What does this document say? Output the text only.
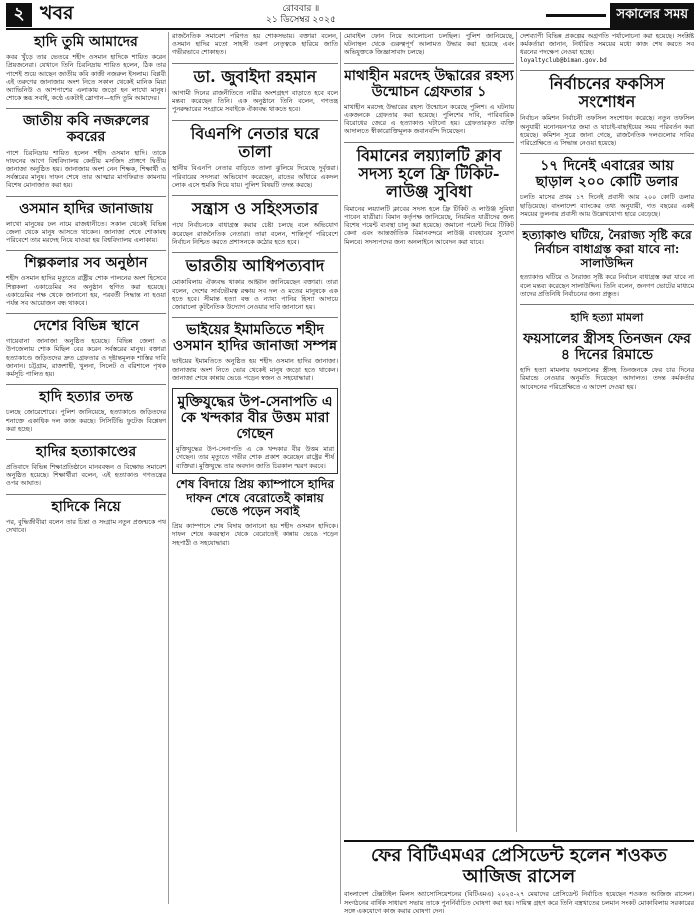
২ খবর	রোববার ॥
২১ ডিসেম্বর ২০২৫	সকালের সময়
হাদি তুমি আমাদের
কবর খুঁড়ে তার ভেতরে শহীদ ওসমান হাদিকে শায়িত করেন প্রিয়জনেরা। যেখানে তিনি চিরনিদ্রায় শায়িত হলেন, ঠিক তার পাশেই শুয়ে আছেন জাতীয় কবি কাজী নজরুল ইসলাম। বিপ্লবী এই তরুণের জানাজায় অংশ নিতে সকাল থেকেই মানিক মিয়া অ্যাভিনিউ ও আশপাশের এলাকায় জড়ো হন লাখো মানুষ। শোকে স্তব্ধ সবাই, কণ্ঠে একটাই স্লোগান—হাদি তুমি আমাদের।
জাতীয় কবি নজরুলের কবরের
পাশে চিরনিদ্রায় শায়িত হলেন শহীদ ওসমান হাদি। তাকে দাফনের আগে বিশ্ববিদ্যালয় কেন্দ্রীয় মসজিদ প্রাঙ্গণে দ্বিতীয় জানাজা অনুষ্ঠিত হয়। জানাজায় অংশ নেন শিক্ষক, শিক্ষার্থী ও সর্বস্তরের মানুষ। দাফন শেষে তার আত্মার মাগফিরাত কামনায় বিশেষ মোনাজাত করা হয়।
ওসমান হাদির জানাজায়
লাখো মানুষের ঢল নামে রাজধানীতে। সকাল থেকেই বিভিন্ন জেলা থেকে মানুষ আসতে থাকেন। জানাজা শেষে শোকাবহ পরিবেশে তার মরদেহ নিয়ে যাওয়া হয় বিশ্ববিদ্যালয় এলাকায়।
শিল্পকলার সব অনুষ্ঠান
শহীদ ওসমান হাদির মৃত্যুতে রাষ্ট্রীয় শোক পালনের অংশ হিসেবে শিল্পকলা একাডেমির সব অনুষ্ঠান স্থগিত করা হয়েছে। একাডেমির পক্ষ থেকে জানানো হয়, পরবর্তী সিদ্ধান্ত না হওয়া পর্যন্ত সব আয়োজন বন্ধ থাকবে।
দেশের বিভিন্ন স্থানে
গায়েবানা জানাজা অনুষ্ঠিত হয়েছে। বিভিন্ন জেলা ও উপজেলায় শোক মিছিল বের করেন সর্বস্তরের মানুষ। বক্তারা হত্যাকাণ্ডে জড়িতদের দ্রুত গ্রেফতার ও দৃষ্টান্তমূলক শাস্তির দাবি জানান। চট্টগ্রাম, রাজশাহী, খুলনা, সিলেট ও বরিশালে পৃথক কর্মসূচি পালিত হয়।
হাদি হত্যার তদন্ত
চলছে জোরেশোরে। পুলিশ জানিয়েছে, হত্যাকাণ্ডে জড়িতদের শনাক্তে একাধিক দল কাজ করছে। সিসিটিভি ফুটেজ বিশ্লেষণ করা হচ্ছে।
হাদির হত্যাকাণ্ডের
প্রতিবাদে বিভিন্ন শিক্ষাপ্রতিষ্ঠানে মানববন্ধন ও বিক্ষোভ সমাবেশ অনুষ্ঠিত হয়েছে। শিক্ষার্থীরা বলেন, এই হত্যাকাণ্ড গণতন্ত্রের ওপর আঘাত।
হাদিকে নিয়ে
পর, বুদ্ধিজীবীরা বলেন তার চিন্তা ও সংগ্রাম নতুন প্রজন্মকে পথ দেখাবে।
রাজনৈতিক সমাবেশ পরিণত হয় শোকসভায়। বক্তারা বলেন, ওসমান হাদির মতো সাহসী তরুণ নেতৃত্বকে হারিয়ে জাতি গভীরভাবে শোকাহত।
ডা. জুবাইদা রহমান
আগামী দিনের রাজনীতিতে নারীর অংশগ্রহণ বাড়াতে হবে বলে মন্তব্য করেছেন তিনি। এক অনুষ্ঠানে তিনি বলেন, গণতন্ত্র পুনরুদ্ধারের সংগ্রামে সবাইকে ঐক্যবদ্ধ থাকতে হবে।
বিএনপি নেতার ঘরে তালা
স্থানীয় বিএনপি নেতার বাড়িতে তালা ঝুলিয়ে দিয়েছে দুর্বৃত্তরা। পরিবারের সদস্যরা অভিযোগ করেছেন, রাতের আঁধারে একদল লোক এসে হুমকি দিয়ে যায়। পুলিশ বিষয়টি তদন্ত করছে।
সন্ত্রাস ও সহিংসতার
পথে নির্বাচনকে বাধাগ্রস্ত করার চেষ্টা চলছে বলে অভিযোগ করেছেন রাজনৈতিক নেতারা। তারা বলেন, শান্তিপূর্ণ পরিবেশে নির্বাচন নিশ্চিত করতে প্রশাসনকে কঠোর হতে হবে।
ভারতীয় আধিপত্যবাদ
মোকাবিলায় ঐক্যবদ্ধ থাকার আহ্বান জানিয়েছেন বক্তারা। তারা বলেন, দেশের সার্বভৌমত্ব রক্ষায় সব দল ও মতের মানুষকে এক হতে হবে। সীমান্ত হত্যা বন্ধ ও ন্যায্য পানির হিস্যা আদায়ে জোরালো কূটনৈতিক উদ্যোগ নেওয়ার দাবি জানানো হয়।
ভাইয়ের ইমামতিতে শহীদ ওসমান হাদির জানাজা সম্পন্ন
ভাইয়ের ইমামতিতে অনুষ্ঠিত হয় শহীদ ওসমান হাদির জানাজা। জানাজায় অংশ নিতে ভোর থেকেই মানুষ জড়ো হতে থাকেন। জানাজা শেষে কান্নায় ভেঙে পড়েন স্বজন ও সহযোদ্ধারা।
মুক্তিযুদ্ধের উপ-সেনাপতি এ কে খন্দকার বীর উত্তম মারা গেছেন
মুক্তিযুদ্ধের উপ-সেনাপতি এ কে খন্দকার বীর উত্তম মারা গেছেন। তার মৃত্যুতে গভীর শোক প্রকাশ করেছেন রাষ্ট্রের শীর্ষ ব্যক্তিরা। মুক্তিযুদ্ধে তার অবদান জাতি চিরকাল স্মরণ করবে।
শেষ বিদায়ে প্রিয় ক্যাম্পাসে হাদির দাফন শেষে বেরোতেই কান্নায় ভেঙে পড়েন সবাই
প্রিয় ক্যাম্পাসে শেষ বিদায় জানানো হয় শহীদ ওসমান হাদিকে। দাফন শেষে কবরস্থান থেকে বেরোতেই কান্নায় ভেঙে পড়েন সহপাঠী ও সহযোদ্ধারা।
মোবাইল ফোন নিয়ে আলোচনা চলছিল। পুলিশ জানিয়েছে, ঘটনাস্থল থেকে গুরুত্বপূর্ণ আলামত উদ্ধার করা হয়েছে এবং অভিযুক্তকে জিজ্ঞাসাবাদ চলছে।
মাথাহীন মরদেহ উদ্ধারের রহস্য উন্মোচন গ্রেফতার ১
মাথাহীন মরদেহ উদ্ধারের রহস্য উন্মোচন করেছে পুলিশ। এ ঘটনায় একজনকে গ্রেফতার করা হয়েছে। পুলিশের দাবি, পারিবারিক বিরোধের জেরে এ হত্যাকাণ্ড ঘটানো হয়। গ্রেফতারকৃত ব্যক্তি আদালতে স্বীকারোক্তিমূলক জবানবন্দি দিয়েছেন।
বিমানের লয়্যালটি ক্লাব সদস্য হলে ফ্রি টিকিট-লাউঞ্জ সুবিধা
বিমানের লয়্যালটি ক্লাবের সদস্য হলে ফ্রি টিকিট ও লাউঞ্জ সুবিধা পাবেন যাত্রীরা। বিমান কর্তৃপক্ষ জানিয়েছে, নিয়মিত যাত্রীদের জন্য বিশেষ পয়েন্ট ব্যবস্থা চালু করা হয়েছে। জমানো পয়েন্ট দিয়ে টিকিট কেনা এবং আন্তর্জাতিক বিমানবন্দরে লাউঞ্জ ব্যবহারের সুযোগ মিলবে। সদস্যপদের জন্য অনলাইনে আবেদন করা যাবে।
দেশব্যাপী বিভিন্ন প্রকল্পের অগ্রগতি পর্যালোচনা করা হয়েছে। সংশ্লিষ্ট কর্মকর্তারা জানান, নির্ধারিত সময়ের মধ্যে কাজ শেষ করতে সব ধরনের পদক্ষেপ নেওয়া হচ্ছে।
loyaltyclub@biman.gov.bd
নির্বাচনের ফকসিস সংশোধন
নির্বাচন কমিশন নির্বাচনী তফসিল সংশোধন করেছে। নতুন তফসিল অনুযায়ী মনোনয়নপত্র জমা ও যাচাই-বাছাইয়ের সময় পরিবর্তন করা হয়েছে। কমিশন সূত্রে জানা গেছে, রাজনৈতিক দলগুলোর দাবির পরিপ্রেক্ষিতে এ সিদ্ধান্ত নেওয়া হয়েছে।
১৭ দিনেই এবারের আয় ছাড়াল ২০০ কোটি ডলার
চলতি মাসের প্রথম ১৭ দিনেই প্রবাসী আয় ২০০ কোটি ডলার ছাড়িয়েছে। বাংলাদেশ ব্যাংকের তথ্য অনুযায়ী, গত বছরের একই সময়ের তুলনায় প্রবাসী আয় উল্লেখযোগ্য হারে বেড়েছে।
হত্যাকাণ্ড ঘটিয়ে, নৈরাজ্য সৃষ্টি করে নির্বাচন বাধাগ্রস্ত করা যাবে না: সালাউদ্দিন
হত্যাকাণ্ড ঘটিয়ে ও নৈরাজ্য সৃষ্টি করে নির্বাচন বাধাগ্রস্ত করা যাবে না বলে মন্তব্য করেছেন সালাউদ্দিন। তিনি বলেন, জনগণ ভোটের মাধ্যমে তাদের প্রতিনিধি নির্বাচনের জন্য প্রস্তুত।
হাদি হত্যা মামলা
ফয়সালের স্ত্রীসহ তিনজন ফের ৪ দিনের রিমান্ডে
হাদি হত্যা মামলায় ফয়সালের স্ত্রীসহ তিনজনকে ফের চার দিনের রিমান্ডে নেওয়ার অনুমতি দিয়েছেন আদালত। তদন্ত কর্মকর্তার আবেদনের পরিপ্রেক্ষিতে এ আদেশ দেওয়া হয়।
ফের বিটিএমএর প্রেসিডেন্ট হলেন শওকত আজিজ রাসেল
বাংলাদেশ টেক্সটাইল মিলস অ্যাসোসিয়েশনের (বিটিএমএ) ২০২৫-২৭ মেয়াদের প্রেসিডেন্ট নির্বাচিত হয়েছেন শওকত আজিজ রাসেল। সংগঠনের বার্ষিক সাধারণ সভায় তাকে পুনর্নির্বাচিত ঘোষণা করা হয়। দায়িত্ব গ্রহণ করে তিনি বস্ত্রখাতের চলমান সংকট মোকাবিলায় সরকারের সঙ্গে একযোগে কাজ করার ঘোষণা দেন।
